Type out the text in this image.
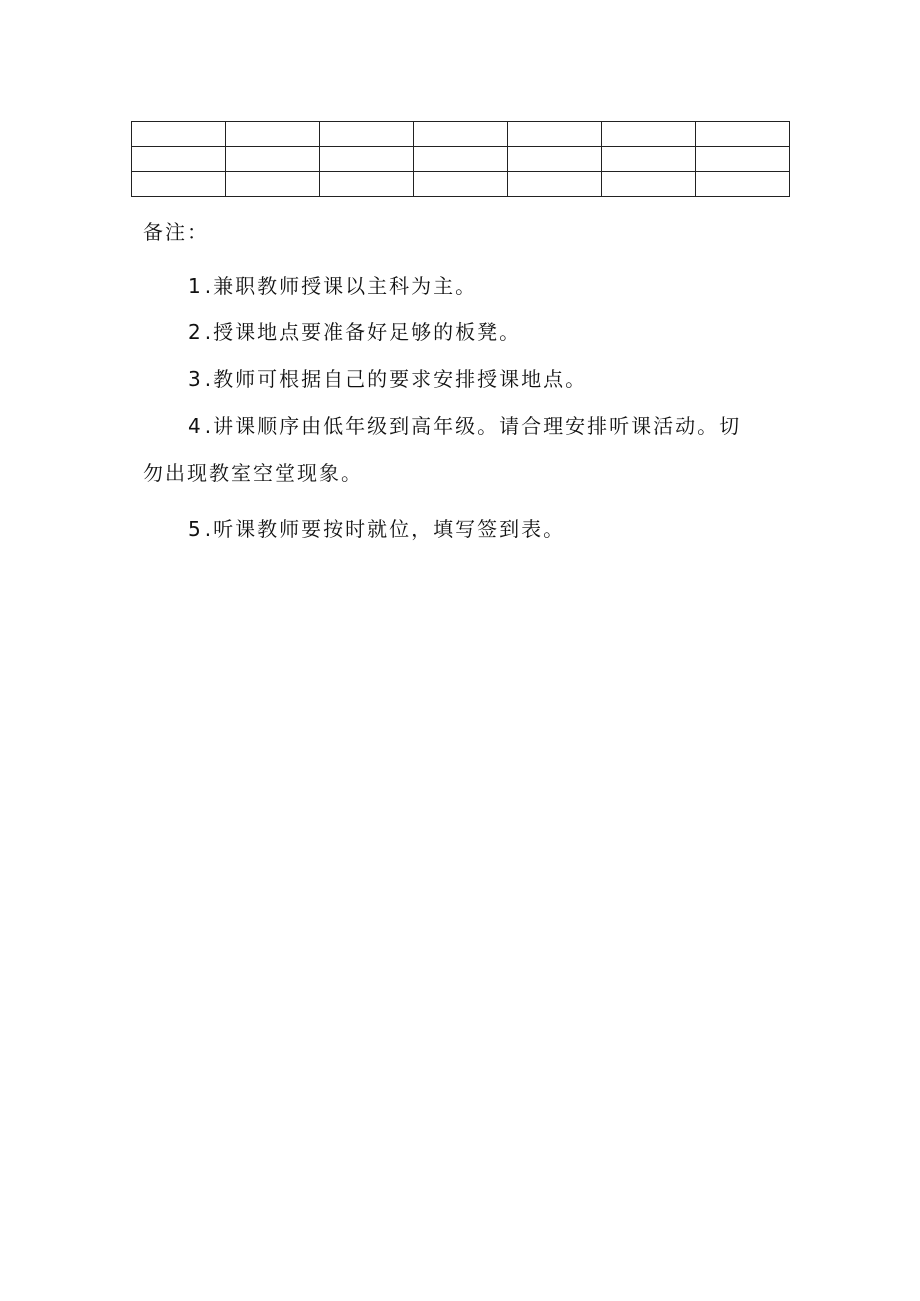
备注：
1 .兼职教师授课以主科为主。
2 .授课地点要准备好足够的板凳。
3 .教师可根据自己的要求安排授课地点。
4 .讲课顺序由低年级到高年级。请合理安排听课活动。切
勿出现教室空堂现象。
5 .听课教师要按时就位，填写签到表。
